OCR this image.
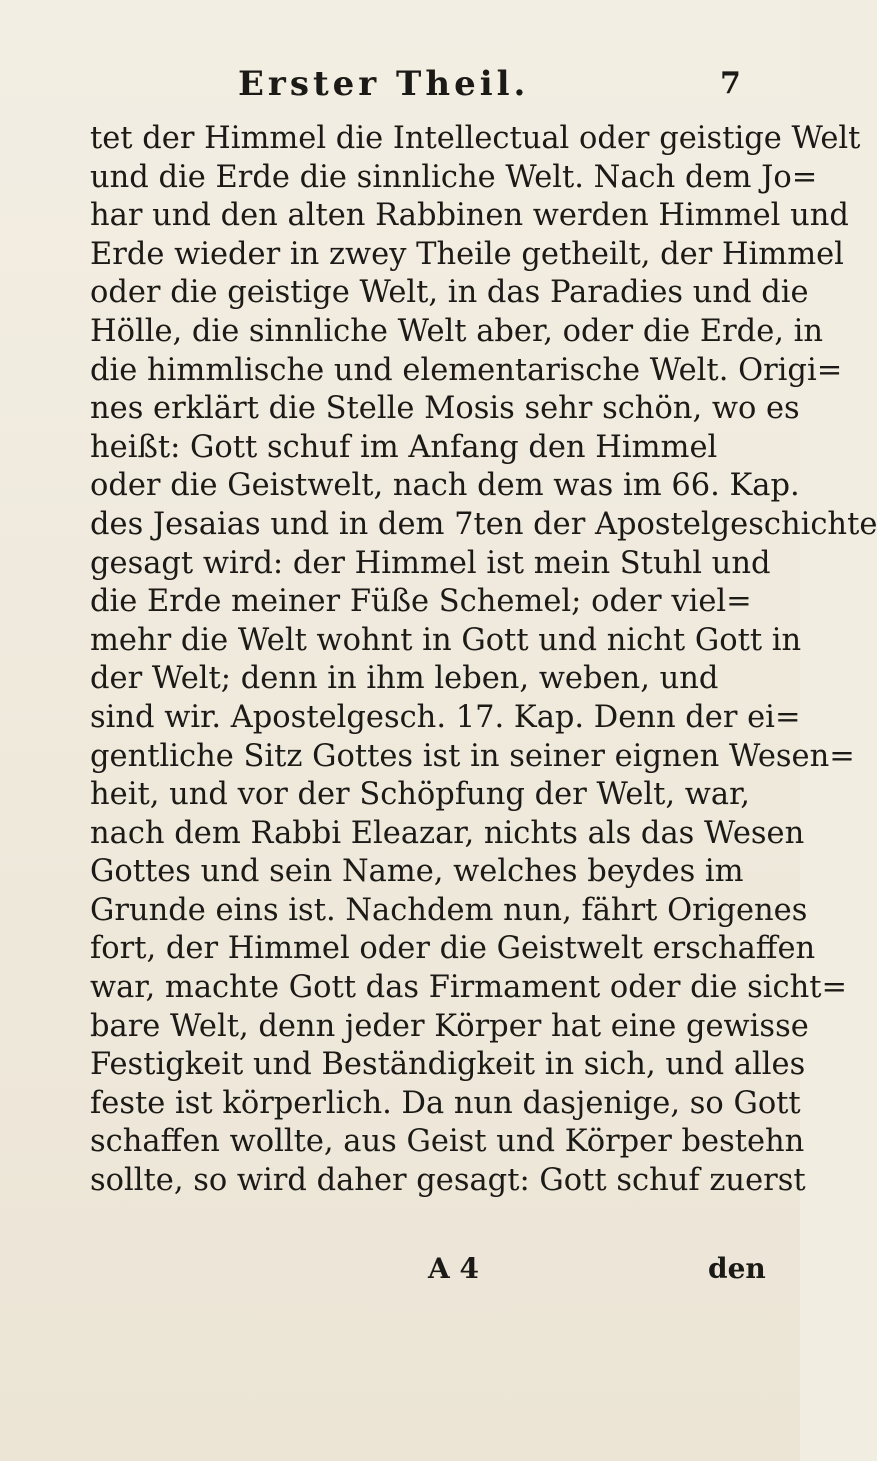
Erster Theil.	7
tet der Himmel die Intellectual oder geistige Welt
und die Erde die sinnliche Welt. Nach dem Jo=
har und den alten Rabbinen werden Himmel und
Erde wieder in zwey Theile getheilt, der Himmel
oder die geistige Welt, in das Paradies und die
Hölle, die sinnliche Welt aber, oder die Erde, in
die himmlische und elementarische Welt. Origi=
nes erklärt die Stelle Mosis sehr schön, wo es
heißt: Gott schuf im Anfang den Himmel
oder die Geistwelt, nach dem was im 66. Kap.
des Jesaias und in dem 7ten der Apostelgeschichte
gesagt wird: der Himmel ist mein Stuhl und
die Erde meiner Füße Schemel; oder viel=
mehr die Welt wohnt in Gott und nicht Gott in
der Welt; denn in ihm leben, weben, und
sind wir. Apostelgesch. 17. Kap. Denn der ei=
gentliche Sitz Gottes ist in seiner eignen Wesen=
heit, und vor der Schöpfung der Welt, war,
nach dem Rabbi Eleazar, nichts als das Wesen
Gottes und sein Name, welches beydes im
Grunde eins ist. Nachdem nun, fährt Origenes
fort, der Himmel oder die Geistwelt erschaffen
war, machte Gott das Firmament oder die sicht=
bare Welt, denn jeder Körper hat eine gewisse
Festigkeit und Beständigkeit in sich, und alles
feste ist körperlich. Da nun dasjenige, so Gott
schaffen wollte, aus Geist und Körper bestehn
sollte, so wird daher gesagt: Gott schuf zuerst
A 4	den
